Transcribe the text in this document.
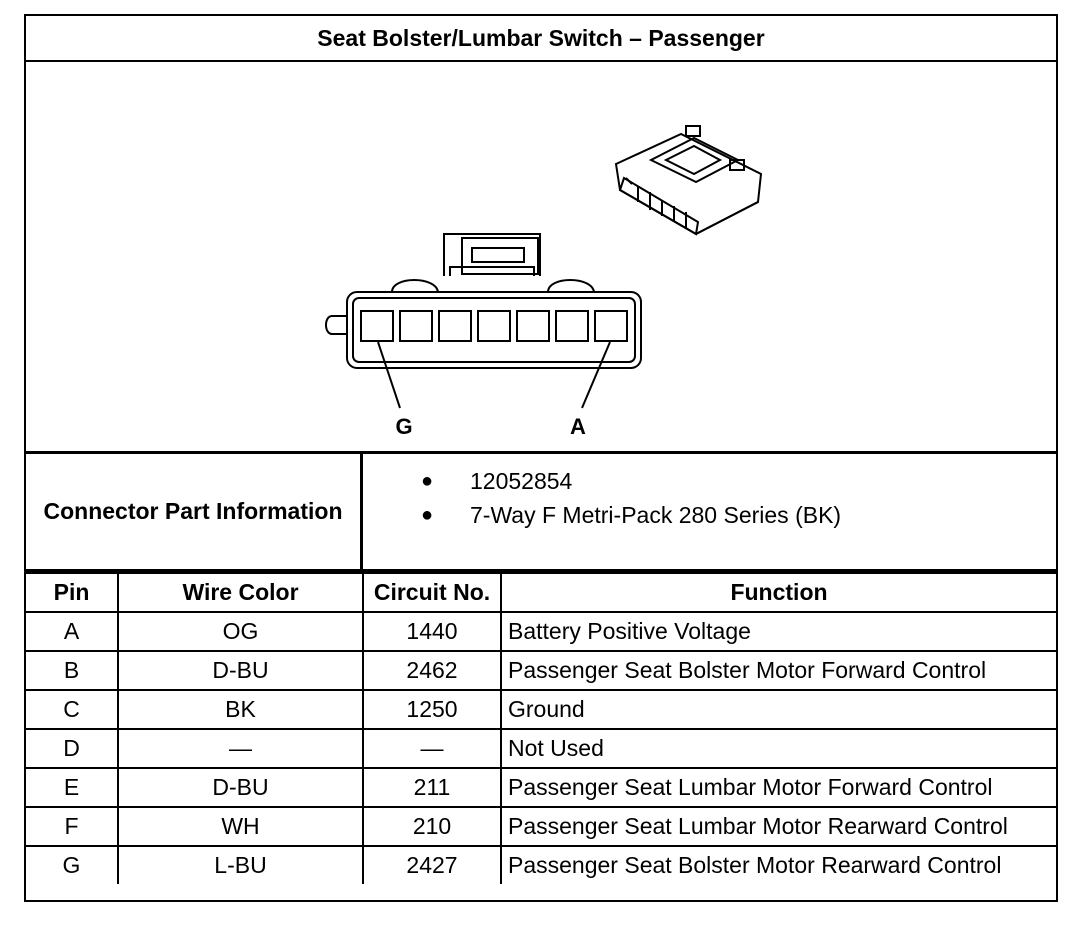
Seat Bolster/Lumbar Switch – Passenger
G	A
Connector Part Information
● 12052854
● 7-Way F Metri-Pack 280 Series (BK)
Pin	Wire Color	Circuit No.	Function
A	OG	1440	Battery Positive Voltage
B	D-BU	2462	Passenger Seat Bolster Motor Forward Control
C	BK	1250	Ground
D	—	—	Not Used
E	D-BU	211	Passenger Seat Lumbar Motor Forward Control
F	WH	210	Passenger Seat Lumbar Motor Rearward Control
G	L-BU	2427	Passenger Seat Bolster Motor Rearward Control
